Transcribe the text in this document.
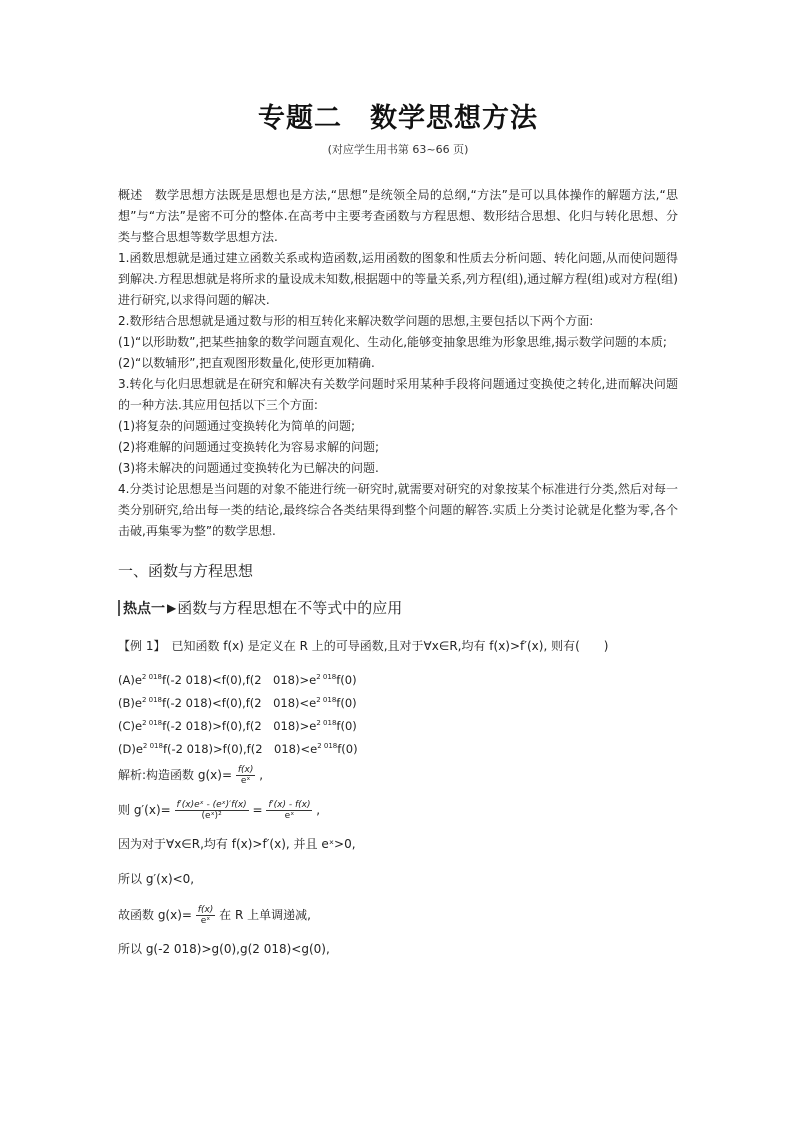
专题二　数学思想方法
(对应学生用书第 63~66 页)
概述　数学思想方法既是思想也是方法,“思想”是统领全局的总纲,“方法”是可以具体操作的解题方法,“思想”与“方法”是密不可分的整体.在高考中主要考查函数与方程思想、数形结合思想、化归与转化思想、分类与整合思想等数学思想方法.
1.函数思想就是通过建立函数关系或构造函数,运用函数的图象和性质去分析问题、转化问题,从而使问题得到解决.方程思想就是将所求的量设成未知数,根据题中的等量关系,列方程(组),通过解方程(组)或对方程(组)进行研究,以求得问题的解决.
2.数形结合思想就是通过数与形的相互转化来解决数学问题的思想,主要包括以下两个方面:
(1)“以形助数”,把某些抽象的数学问题直观化、生动化,能够变抽象思维为形象思维,揭示数学问题的本质;
(2)“以数辅形”,把直观图形数量化,使形更加精确.
3.转化与化归思想就是在研究和解决有关数学问题时采用某种手段将问题通过变换使之转化,进而解决问题的一种方法.其应用包括以下三个方面:
(1)将复杂的问题通过变换转化为简单的问题;
(2)将难解的问题通过变换转化为容易求解的问题;
(3)将未解决的问题通过变换转化为已解决的问题.
4.分类讨论思想是当问题的对象不能进行统一研究时,就需要对研究的对象按某个标准进行分类,然后对每一类分别研究,给出每一类的结论,最终综合各类结果得到整个问题的解答.实质上分类讨论就是化整为零,各个击破,再集零为整”的数学思想.
一、函数与方程思想
热点一 ▶ 函数与方程思想在不等式中的应用
【例 1】　已知函数 f(x) 是定义在 R 上的可导函数,且对于∀x∈R,均有 f(x)>f′(x), 则有(　　)
$(A)e^{2 018}f(-2$ 018)<f(0),f(2　$018)>e^{2 018}f(0)$
$(B)e^{2 018}f(-2$ 018)<f(0),f(2　$018)<e^{2 018}f(0)$
$(C)e^{2 018}f(-2$ 018)>f(0),f(2　$018)>e^{2 018}f(0)$
$(D)e^{2 018}f(-2$ 018)>f(0),f(2　$018)<e^{2 018}f(0)$
解析:构造函数 $g(x)= \frac{f(x)}{\text{eˣ}}$ ,
则 $g'(x)= \frac{\text{f′(x)eˣ - (eˣ)′f(x)}}{\text{(eˣ)²}} = \frac{f'(x) - f(x)}{\text{eˣ}}$ ,
因为对于∀x∈R,均有 f(x)>f′(x), 并且 eˣ>0,
所以 g′(x)<0,
故函数 $g(x)= \frac{f(x)}{\text{eˣ}}$ 在 R 上单调递减,
所以 g(-2 018)>g(0),g(2 018)<g(0),
